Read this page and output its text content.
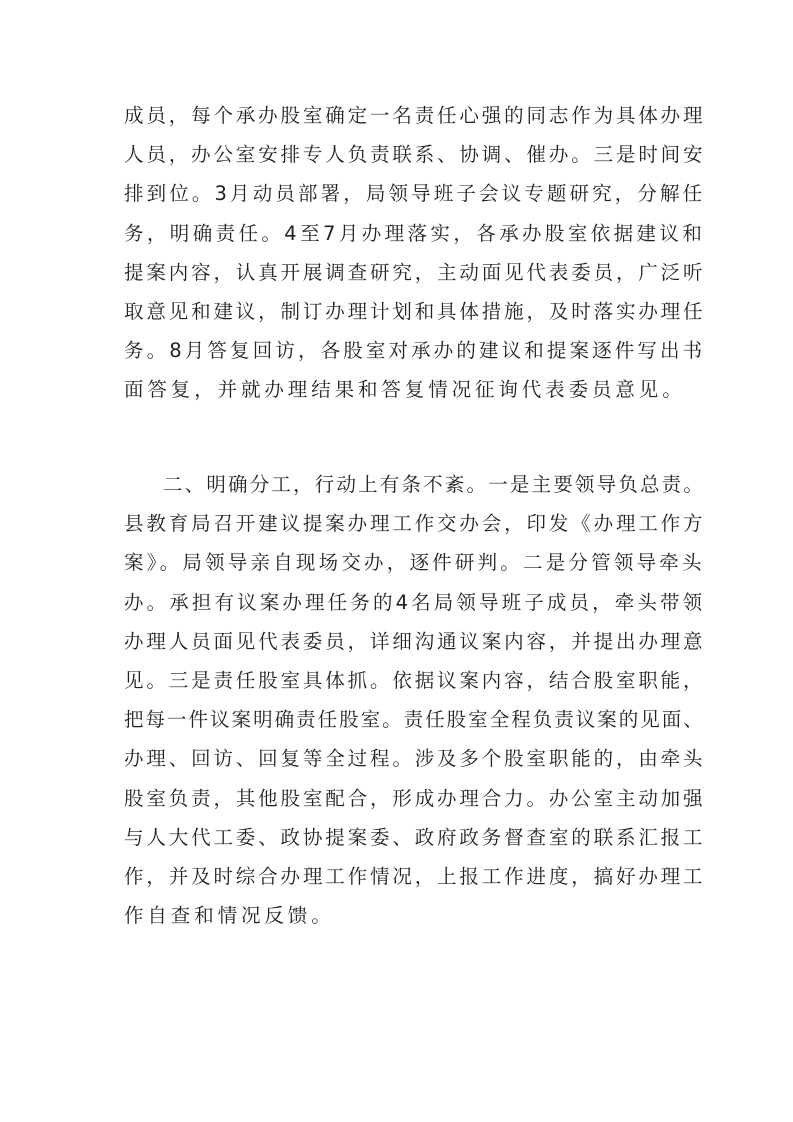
成员，每个承办股室确定一名责任心强的同志作为具体办理
人员，办公室安排专人负责联系、协调、催办。三是时间安
排到位。3月动员部署，局领导班子会议专题研究，分解任
务，明确责任。4至7月办理落实，各承办股室依据建议和
提案内容，认真开展调查研究，主动面见代表委员，广泛听
取意见和建议，制订办理计划和具体措施，及时落实办理任
务。8月答复回访，各股室对承办的建议和提案逐件写出书
面答复，并就办理结果和答复情况征询代表委员意见。
二、明确分工，行动上有条不紊。一是主要领导负总责。
县教育局召开建议提案办理工作交办会，印发《办理工作方
案》。局领导亲自现场交办，逐件研判。二是分管领导牵头
办。承担有议案办理任务的4名局领导班子成员，牵头带领
办理人员面见代表委员，详细沟通议案内容，并提出办理意
见。三是责任股室具体抓。依据议案内容，结合股室职能，
把每一件议案明确责任股室。责任股室全程负责议案的见面、
办理、回访、回复等全过程。涉及多个股室职能的，由牵头
股室负责，其他股室配合，形成办理合力。办公室主动加强
与人大代工委、政协提案委、政府政务督查室的联系汇报工
作，并及时综合办理工作情况，上报工作进度，搞好办理工
作自查和情况反馈。
